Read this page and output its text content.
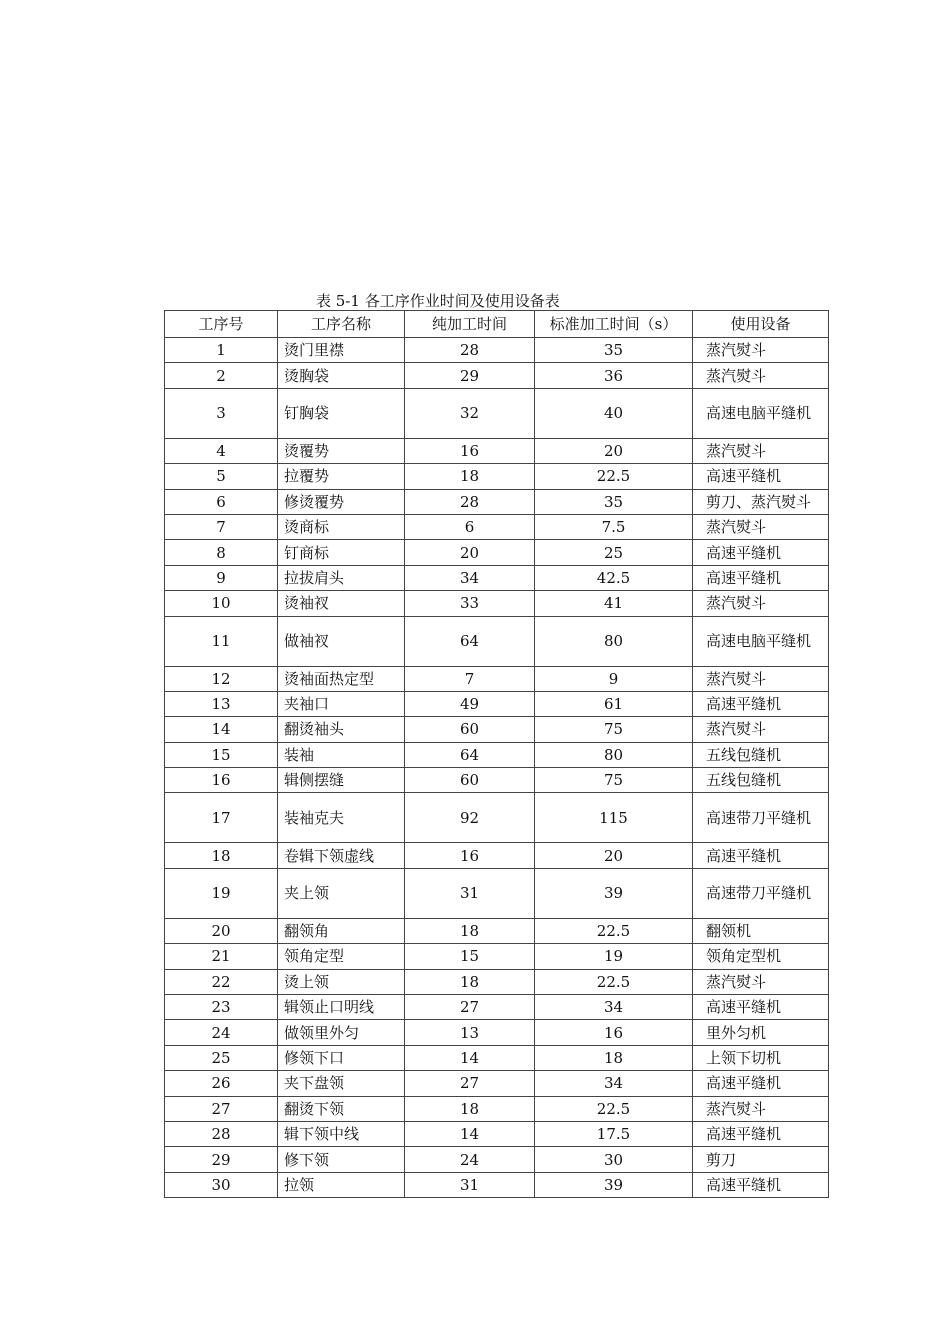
表 5-1 各工序作业时间及使用设备表
工序号	工序名称	纯加工时间	标准加工时间（s）	使用设备
1	烫门里襟	28	35	蒸汽熨斗
2	烫胸袋	29	36	蒸汽熨斗
3	钉胸袋	32	40	高速电脑平缝机
4	烫覆势	16	20	蒸汽熨斗
5	拉覆势	18	22.5	高速平缝机
6	修烫覆势	28	35	剪刀、蒸汽熨斗

7	烫商标	6	7.5	蒸汽熨斗
8	钉商标	20	25	高速平缝机
9	拉拔肩头	34	42.5	高速平缝机
10	烫袖衩	33	41	蒸汽熨斗
11	做袖衩	64	80	高速电脑平缝机
12	烫袖面热定型	7	9	蒸汽熨斗
13	夹袖口	49	61	高速平缝机
14	翻烫袖头	60	75	蒸汽熨斗
15	装袖	64	80	五线包缝机
16	辑侧摆缝	60	75	五线包缝机
17	装袖克夫	92	115	高速带刀平缝机
18	卷辑下领虚线	16	20	高速平缝机
19	夹上领	31	39	高速带刀平缝机
20	翻领角	18	22.5	翻领机
21	领角定型	15	19	领角定型机
22	烫上领	18	22.5	蒸汽熨斗
23	辑领止口明线	27	34	高速平缝机
24	做领里外匀	13	16	里外匀机
25	修领下口	14	18	上领下切机
26	夹下盘领	27	34	高速平缝机
27	翻烫下领	18	22.5	蒸汽熨斗
28	辑下领中线	14	17.5	高速平缝机
29	修下领	24	30	剪刀
30	拉领	31	39	高速平缝机
